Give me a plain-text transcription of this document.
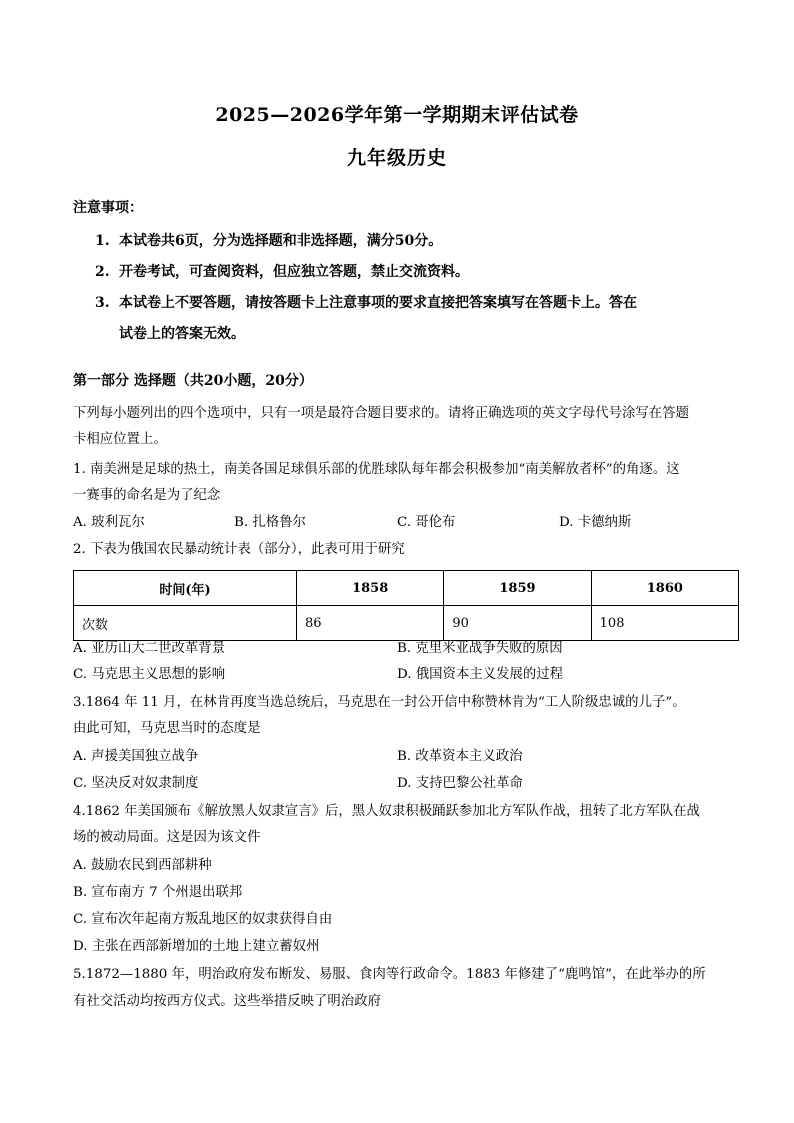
2025—2026学年第一学期期末评估试卷
九年级历史
注意事项：
1. 本试卷共6页，分为选择题和非选择题，满分50分。
2. 开卷考试，可查阅资料，但应独立答题，禁止交流资料。
3. 本试卷上不要答题，请按答题卡上注意事项的要求直接把答案填写在答题卡上。答在
试卷上的答案无效。
第一部分 选择题（共20小题，20分）
下列每小题列出的四个选项中，只有一项是最符合题目要求的。请将正确选项的英文字母代号涂写在答题
卡相应位置上。
1. 南美洲是足球的热土，南美各国足球俱乐部的优胜球队每年都会积极参加“南美解放者杯”的角逐。这
一赛事的命名是为了纪念
A. 玻利瓦尔	B. 扎格鲁尔	C. 哥伦布	D. 卡德纳斯
2. 下表为俄国农民暴动统计表（部分），此表可用于研究
时间(年)	1858	1859	1860
次数	86	90	108
A. 亚历山大二世改革背景	B. 克里米亚战争失败的原因
C. 马克思主义思想的影响	D. 俄国资本主义发展的过程
3.1864 年 11 月，在林肯再度当选总统后，马克思在一封公开信中称赞林肯为“工人阶级忠诚的儿子”。
由此可知，马克思当时的态度是
A. 声援美国独立战争	B. 改革资本主义政治
C. 坚决反对奴隶制度	D. 支持巴黎公社革命
4.1862 年美国颁布《解放黑人奴隶宣言》后，黑人奴隶积极踊跃参加北方军队作战，扭转了北方军队在战
场的被动局面。这是因为该文件
A. 鼓励农民到西部耕种
B. 宣布南方 7 个州退出联邦
C. 宣布次年起南方叛乱地区的奴隶获得自由
D. 主张在西部新增加的土地上建立蓄奴州
5.1872—1880 年，明治政府发布断发、易服、食肉等行政命令。1883 年修建了“鹿鸣馆”，在此举办的所
有社交活动均按西方仪式。这些举措反映了明治政府
